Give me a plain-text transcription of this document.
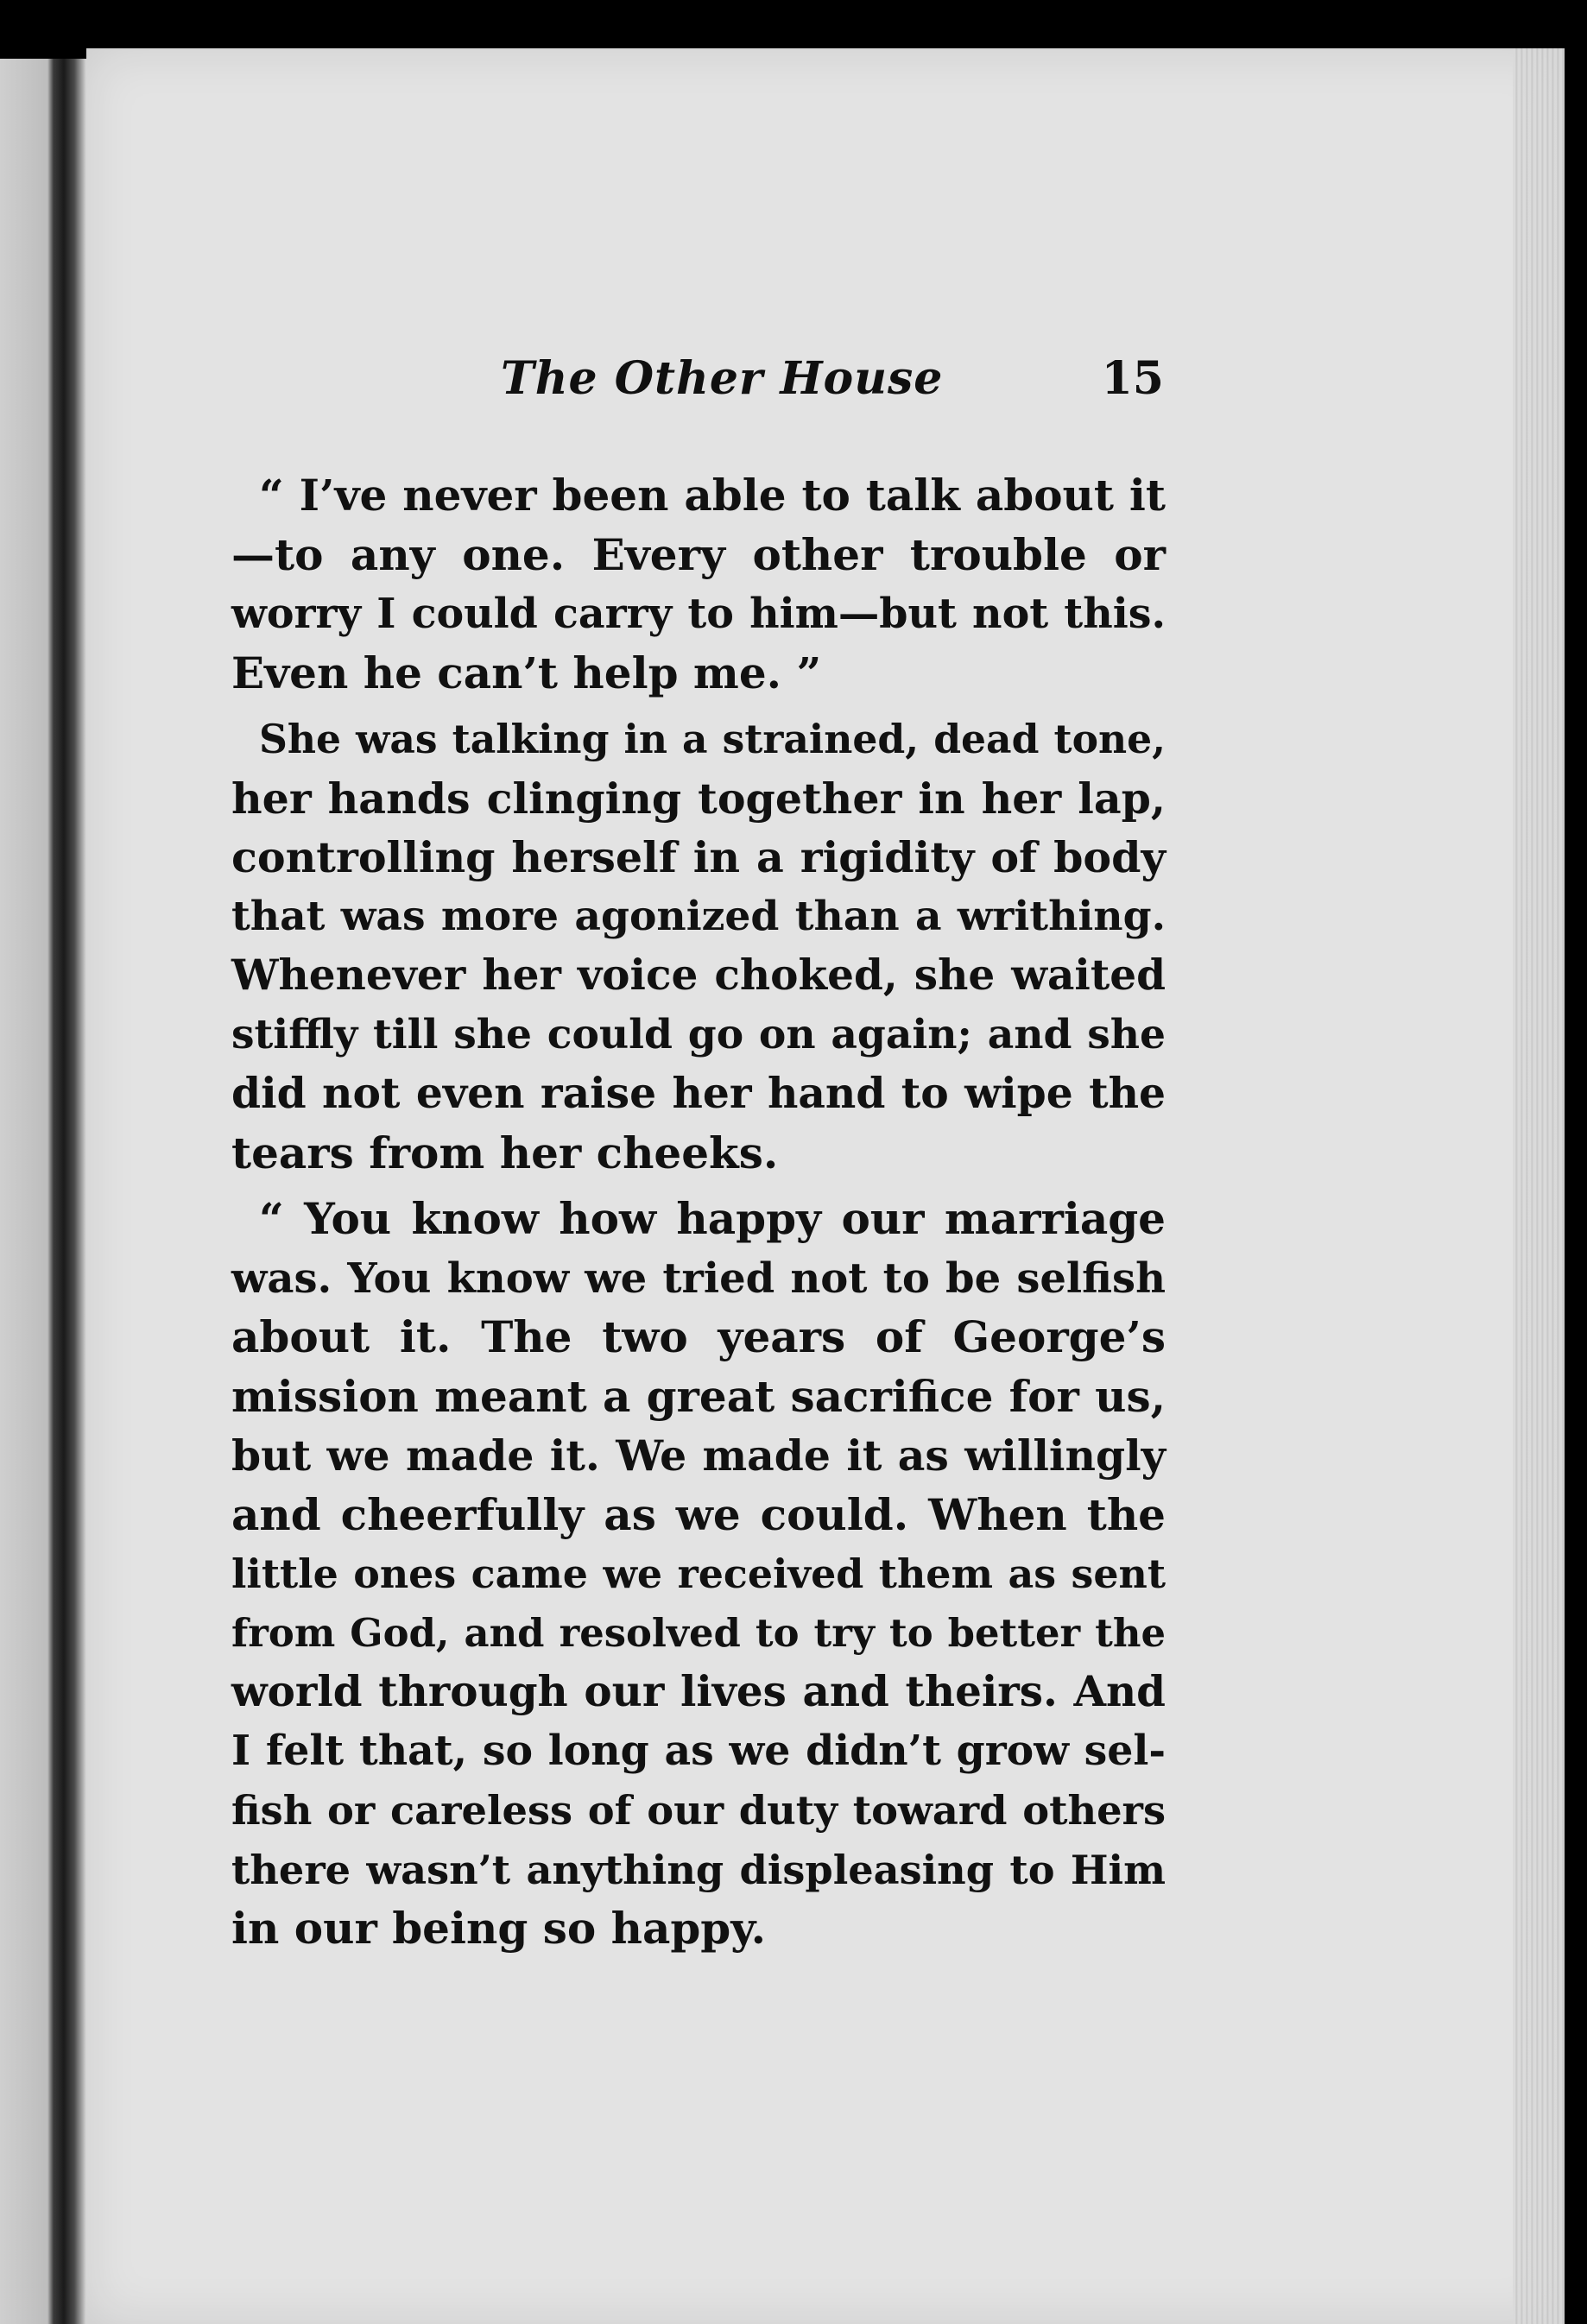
The Other House	15
“ I’ve never been able to talk about it
—to any one. Every other trouble or
worry I could carry to him—but not this.
Even he can’t help me. ”
She was talking in a strained, dead tone,
her hands clinging together in her lap,
controlling herself in a rigidity of body
that was more agonized than a writhing.
Whenever her voice choked, she waited
stiffly till she could go on again; and she
did not even raise her hand to wipe the
tears from her cheeks.
“ You know how happy our marriage
was. You know we tried not to be selfish
about it. The two years of George’s
mission meant a great sacrifice for us,
but we made it. We made it as willingly
and cheerfully as we could. When the
little ones came we received them as sent
from God, and resolved to try to better the
world through our lives and theirs. And
I felt that, so long as we didn’t grow sel-
fish or careless of our duty toward others
there wasn’t anything displeasing to Him
in our being so happy.
